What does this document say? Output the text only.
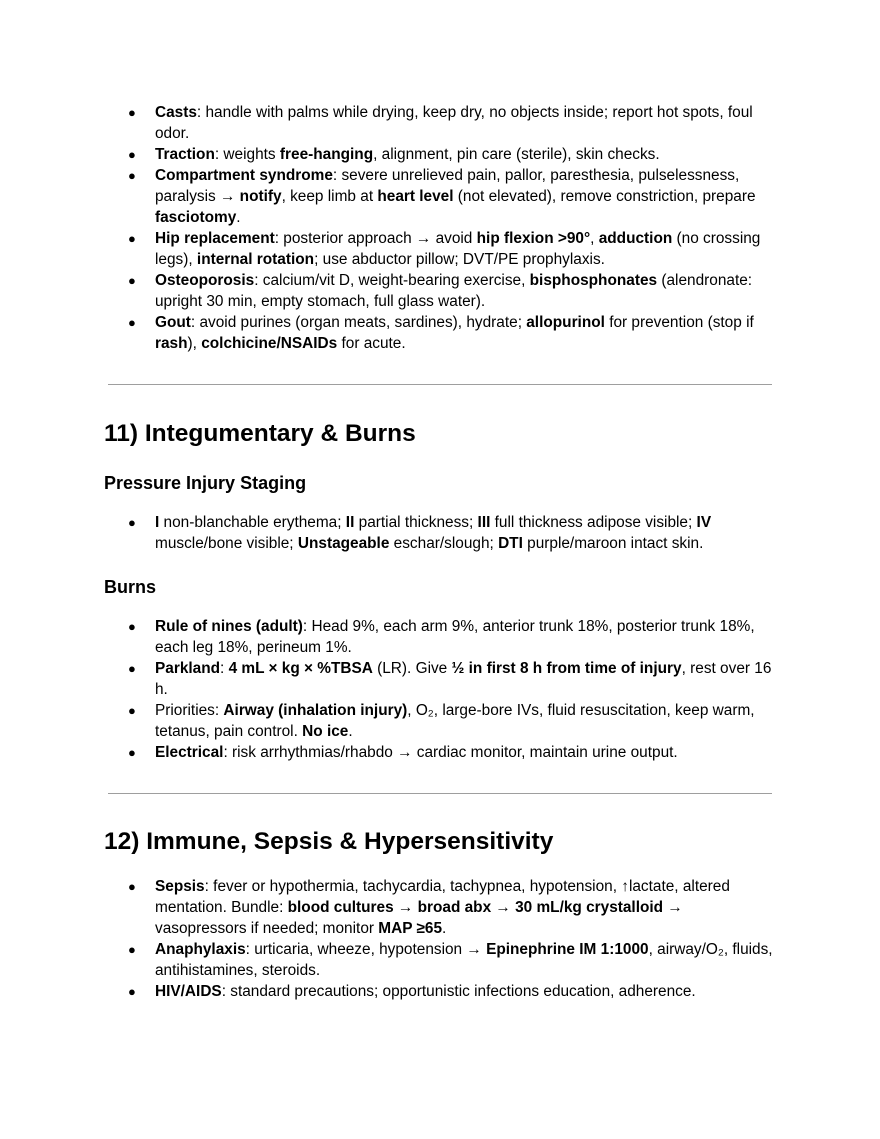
● Casts: handle with palms while drying, keep dry, no objects inside; report hot spots, foul odor.
● Traction: weights free‑hanging, alignment, pin care (sterile), skin checks.
● Compartment syndrome: severe unrelieved pain, pallor, paresthesia, pulselessness, paralysis → notify, keep limb at heart level (not elevated), remove constriction, prepare fasciotomy.
● Hip replacement: posterior approach → avoid hip flexion >90°, adduction (no crossing legs), internal rotation; use abductor pillow; DVT/PE prophylaxis.
● Osteoporosis: calcium/vit D, weight‑bearing exercise, bisphosphonates (alendronate: upright 30 min, empty stomach, full glass water).
● Gout: avoid purines (organ meats, sardines), hydrate; allopurinol for prevention (stop if rash), colchicine/NSAIDs for acute.
11) Integumentary & Burns
Pressure Injury Staging
● I non‑blanchable erythema; II partial thickness; III full thickness adipose visible; IV muscle/bone visible; Unstageable eschar/slough; DTI purple/maroon intact skin.
Burns
● Rule of nines (adult): Head 9%, each arm 9%, anterior trunk 18%, posterior trunk 18%, each leg 18%, perineum 1%.
● Parkland: 4 mL × kg × %TBSA (LR). Give ½ in first 8 h from time of injury, rest over 16 h.
● Priorities: Airway (inhalation injury), O₂, large‑bore IVs, fluid resuscitation, keep warm, tetanus, pain control. No ice.
● Electrical: risk arrhythmias/rhabdo → cardiac monitor, maintain urine output.
12) Immune, Sepsis & Hypersensitivity
● Sepsis: fever or hypothermia, tachycardia, tachypnea, hypotension, ↑lactate, altered mentation. Bundle: blood cultures → broad abx → 30 mL/kg crystalloid → vasopressors if needed; monitor MAP ≥65.
● Anaphylaxis: urticaria, wheeze, hypotension → Epinephrine IM 1:1000, airway/O₂, fluids, antihistamines, steroids.
● HIV/AIDS: standard precautions; opportunistic infections education, adherence.
